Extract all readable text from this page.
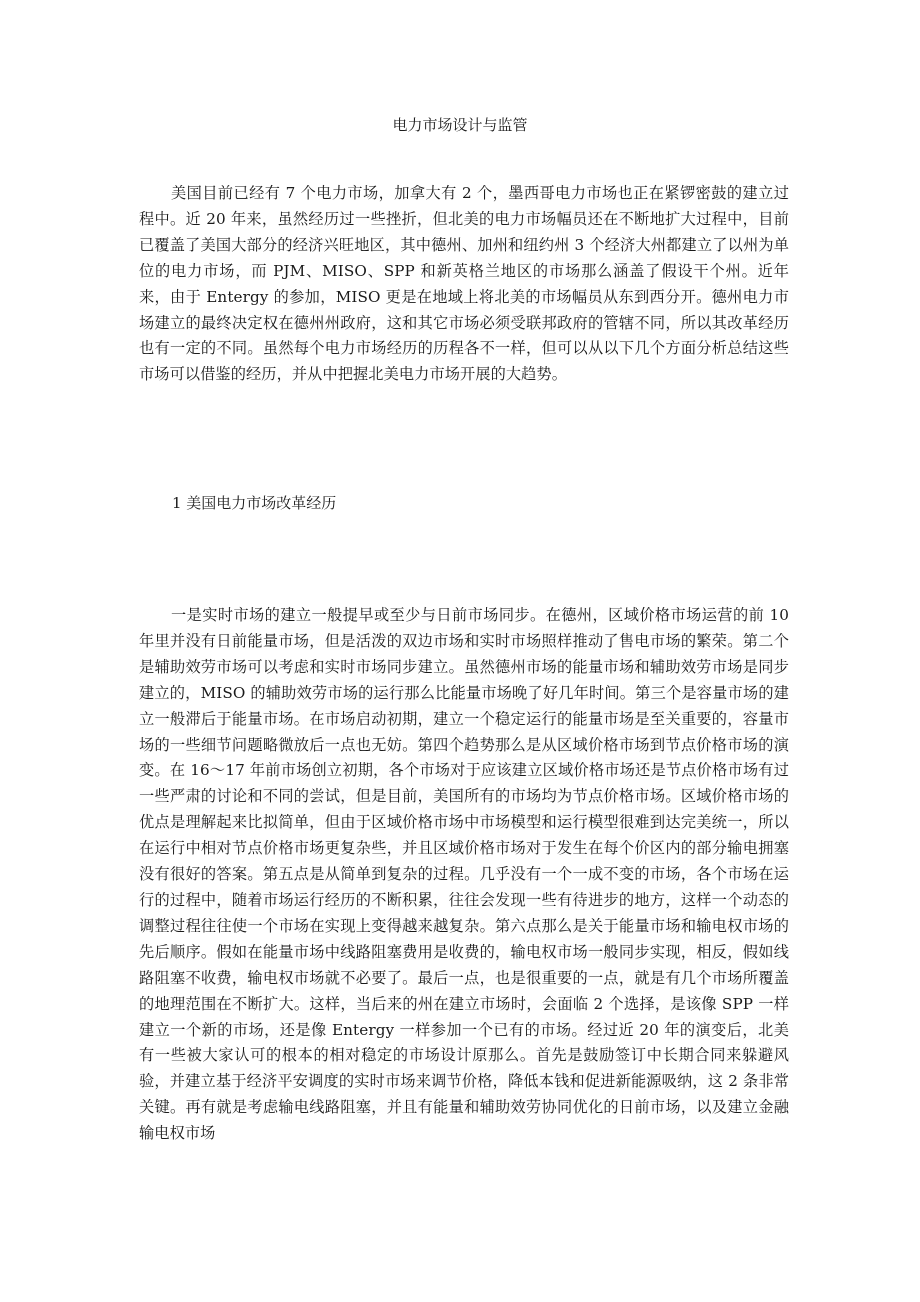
电力市场设计与监管

美国目前已经有 7 个电力市场，加拿大有 2 个，墨西哥电力市场也正在紧锣密鼓的建立过程中。近 20 年来，虽然经历过一些挫折，但北美的电力市场幅员还在不断地扩大过程中，目前已覆盖了美国大部分的经济兴旺地区，其中德州、加州和纽约州 3 个经济大州都建立了以州为单位的电力市场，而 PJM、MISO、SPP 和新英格兰地区的市场那么涵盖了假设干个州。近年来，由于 Entergy 的参加，MISO 更是在地域上将北美的市场幅员从东到西分开。德州电力市场建立的最终决定权在德州州政府，这和其它市场必须受联邦政府的管辖不同，所以其改革经历也有一定的不同。虽然每个电力市场经历的历程各不一样，但可以从以下几个方面分析总结这些市场可以借鉴的经历，并从中把握北美电力市场开展的大趋势。

1 美国电力市场改革经历

一是实时市场的建立一般提早或至少与日前市场同步。在德州，区域价格市场运营的前 10 年里并没有日前能量市场，但是活泼的双边市场和实时市场照样推动了售电市场的繁荣。第二个是辅助效劳市场可以考虑和实时市场同步建立。虽然德州市场的能量市场和辅助效劳市场是同步建立的，MISO 的辅助效劳市场的运行那么比能量市场晚了好几年时间。第三个是容量市场的建立一般滞后于能量市场。在市场启动初期，建立一个稳定运行的能量市场是至关重要的，容量市场的一些细节问题略微放后一点也无妨。第四个趋势那么是从区域价格市场到节点价格市场的演变。在 16～17 年前市场创立初期，各个市场对于应该建立区域价格市场还是节点价格市场有过一些严肃的讨论和不同的尝试，但是目前，美国所有的市场均为节点价格市场。区域价格市场的优点是理解起来比拟简单，但由于区域价格市场中市场模型和运行模型很难到达完美统一，所以在运行中相对节点价格市场更复杂些，并且区域价格市场对于发生在每个价区内的部分输电拥塞没有很好的答案。第五点是从简单到复杂的过程。几乎没有一个一成不变的市场，各个市场在运行的过程中，随着市场运行经历的不断积累，往往会发现一些有待进步的地方，这样一个动态的调整过程往往使一个市场在实现上变得越来越复杂。第六点那么是关于能量市场和输电权市场的先后顺序。假如在能量市场中线路阻塞费用是收费的，输电权市场一般同步实现，相反，假如线路阻塞不收费，输电权市场就不必要了。最后一点，也是很重要的一点，就是有几个市场所覆盖的地理范围在不断扩大。这样，当后来的州在建立市场时，会面临 2 个选择，是该像 SPP 一样建立一个新的市场，还是像 Entergy 一样参加一个已有的市场。经过近 20 年的演变后，北美有一些被大家认可的根本的相对稳定的市场设计原那么。首先是鼓励签订中长期合同来躲避风验，并建立基于经济平安调度的实时市场来调节价格，降低本钱和促进新能源吸纳，这 2 条非常关键。再有就是考虑输电线路阻塞，并且有能量和辅助效劳协同优化的日前市场，以及建立金融输电权市场
